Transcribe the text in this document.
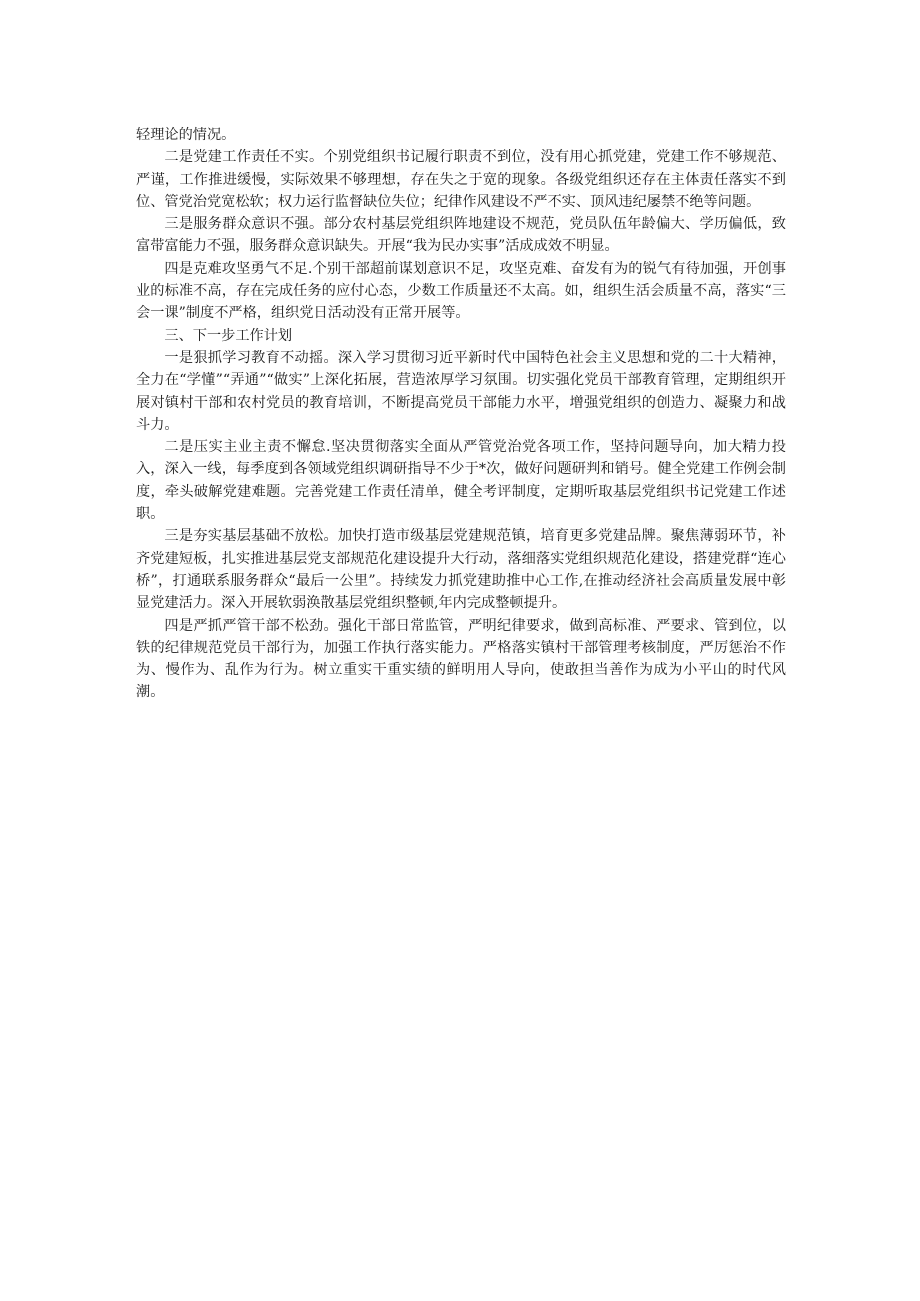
轻理论的情况。

二是党建工作责任不实。个别党组织书记履行职责不到位，没有用心抓党建，党建工作不够规范、严谨，工作推进缓慢，实际效果不够理想，存在失之于宽的现象。各级党组织还存在主体责任落实不到位、管党治党宽松软；权力运行监督缺位失位；纪律作风建设不严不实、顶风违纪屡禁不绝等问题。

三是服务群众意识不强。部分农村基层党组织阵地建设不规范，党员队伍年龄偏大、学历偏低，致富带富能力不强，服务群众意识缺失。开展“我为民办实事”活成成效不明显。

四是克难攻坚勇气不足.个别干部超前谋划意识不足，攻坚克难、奋发有为的锐气有待加强，开创事业的标准不高，存在完成任务的应付心态，少数工作质量还不太高。如，组织生活会质量不高，落实“三会一课”制度不严格，组织党日活动没有正常开展等。

三、下一步工作计划

一是狠抓学习教育不动摇。深入学习贯彻习近平新时代中国特色社会主义思想和党的二十大精神，全力在“学懂”“弄通”“做实”上深化拓展，营造浓厚学习氛围。切实强化党员干部教育管理，定期组织开展对镇村干部和农村党员的教育培训，不断提高党员干部能力水平，增强党组织的创造力、凝聚力和战斗力。

二是压实主业主责不懈怠.坚决贯彻落实全面从严管党治党各项工作，坚持问题导向，加大精力投入，深入一线，每季度到各领域党组织调研指导不少于*次，做好问题研判和销号。健全党建工作例会制度，牵头破解党建难题。完善党建工作责任清单，健全考评制度，定期听取基层党组织书记党建工作述职。

三是夯实基层基础不放松。加快打造市级基层党建规范镇，培育更多党建品牌。聚焦薄弱环节，补齐党建短板，扎实推进基层党支部规范化建设提升大行动，落细落实党组织规范化建设，搭建党群“连心桥”，打通联系服务群众“最后一公里”。持续发力抓党建助推中心工作,在推动经济社会高质量发展中彰显党建活力。深入开展软弱涣散基层党组织整顿,年内完成整顿提升。

四是严抓严管干部不松劲。强化干部日常监管，严明纪律要求，做到高标准、严要求、管到位，以铁的纪律规范党员干部行为，加强工作执行落实能力。严格落实镇村干部管理考核制度，严厉惩治不作为、慢作为、乱作为行为。树立重实干重实绩的鲜明用人导向，使敢担当善作为成为小平山的时代风潮。
